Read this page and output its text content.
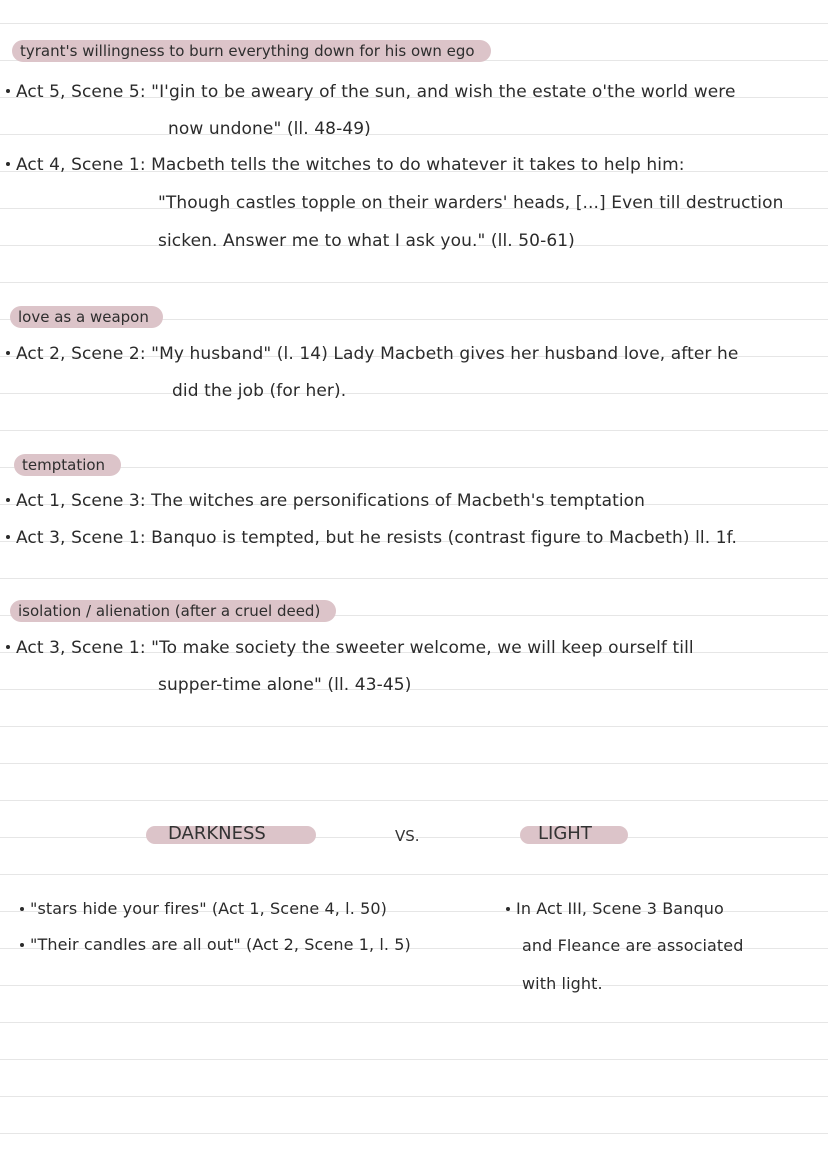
tyrant's willingness to burn everything down for his own ego
Act 5, Scene 5: "I'gin to be aweary of the sun, and wish the estate o'the world were
now undone" (ll. 48-49)
Act 4, Scene 1: Macbeth tells the witches to do whatever it takes to help him:
"Though castles topple on their warders' heads, [...] Even till destruction
sicken. Answer me to what I ask you." (ll. 50-61)
love as a weapon
Act 2, Scene 2: "My husband" (l. 14) Lady Macbeth gives her husband love, after he
did the job (for her).
temptation
Act 1, Scene 3: The witches are personifications of Macbeth's temptation
Act 3, Scene 1: Banquo is tempted, but he resists (contrast figure to Macbeth) ll. 1f.
isolation / alienation (after a cruel deed)
Act 3, Scene 1: "To make society the sweeter welcome, we will keep ourself till
supper-time alone" (ll. 43-45)
DARKNESS	VS.	LIGHT
"stars hide your fires" (Act 1, Scene 4, l. 50)
"Their candles are all out" (Act 2, Scene 1, l. 5)
In Act III, Scene 3 Banquo
and Fleance are associated
with light.
